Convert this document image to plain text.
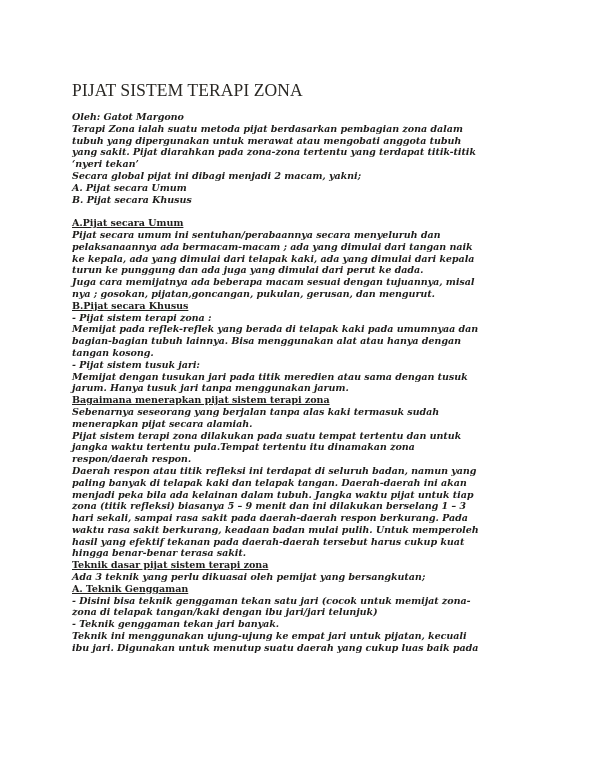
PIJAT SISTEM TERAPI ZONA
Oleh: Gatot Margono
Terapi Zona ialah suatu metoda pijat berdasarkan pembagian zona dalam
tubuh yang dipergunakan untuk merawat atau mengobati anggota tubuh
yang sakit. Pijat diarahkan pada zona-zona tertentu yang terdapat titik-titik
‘nyeri tekan’
Secara global pijat ini dibagi menjadi 2 macam, yakni;
A. Pijat secara Umum
B. Pijat secara Khusus
A.Pijat secara Umum
Pijat secara umum ini sentuhan/perabaannya secara menyeluruh dan
pelaksanaannya ada bermacam-macam ; ada yang dimulai dari tangan naik
ke kepala, ada yang dimulai dari telapak kaki, ada yang dimulai dari kepala
turun ke punggung dan ada juga yang dimulai dari perut ke dada.
Juga cara memijatnya ada beberapa macam sesuai dengan tujuannya, misal
nya ; gosokan, pijatan,goncangan, pukulan, gerusan, dan mengurut.
B.Pijat secara Khusus
- Pijat sistem terapi zona :
Memijat pada reflek-reflek yang berada di telapak kaki pada umumnyaa dan
bagian-bagian tubuh lainnya. Bisa menggunakan alat atau hanya dengan
tangan kosong.
- Pijat sistem tusuk jari:
Memijat dengan tusukan jari pada titik meredien atau sama dengan tusuk
jarum. Hanya tusuk jari tanpa menggunakan jarum.
Bagaimana menerapkan pijat sistem terapi zona
Sebenarnya seseorang yang berjalan tanpa alas kaki termasuk sudah
menerapkan pijat secara alamiah.
Pijat sistem terapi zona dilakukan pada suatu tempat tertentu dan untuk
jangka waktu tertentu pula.Tempat tertentu itu dinamakan zona
respon/daerah respon.
Daerah respon atau titik refleksi ini terdapat di seluruh badan, namun yang
paling banyak di telapak kaki dan telapak tangan. Daerah-daerah ini akan
menjadi peka bila ada kelainan dalam tubuh. Jangka waktu pijat untuk tiap
zona (titik refleksi) biasanya 5 – 9 menit dan ini dilakukan berselang 1 – 3
hari sekali, sampai rasa sakit pada daerah-daerah respon berkurang. Pada
waktu rasa sakit berkurang, keadaan badan mulai pulih. Untuk memperoleh
hasil yang efektif tekanan pada daerah-daerah tersebut harus cukup kuat
hingga benar-benar terasa sakit.
Teknik dasar pijat sistem terapi zona
Ada 3 teknik yang perlu dikuasai oleh pemijat yang bersangkutan;
A. Teknik Genggaman
- Disini bisa teknik genggaman tekan satu jari (cocok untuk memijat zona-
zona di telapak tangan/kaki dengan ibu jari/jari telunjuk)
- Teknik genggaman tekan jari banyak.
Teknik ini menggunakan ujung-ujung ke empat jari untuk pijatan, kecuali
ibu jari. Digunakan untuk menutup suatu daerah yang cukup luas baik pada
